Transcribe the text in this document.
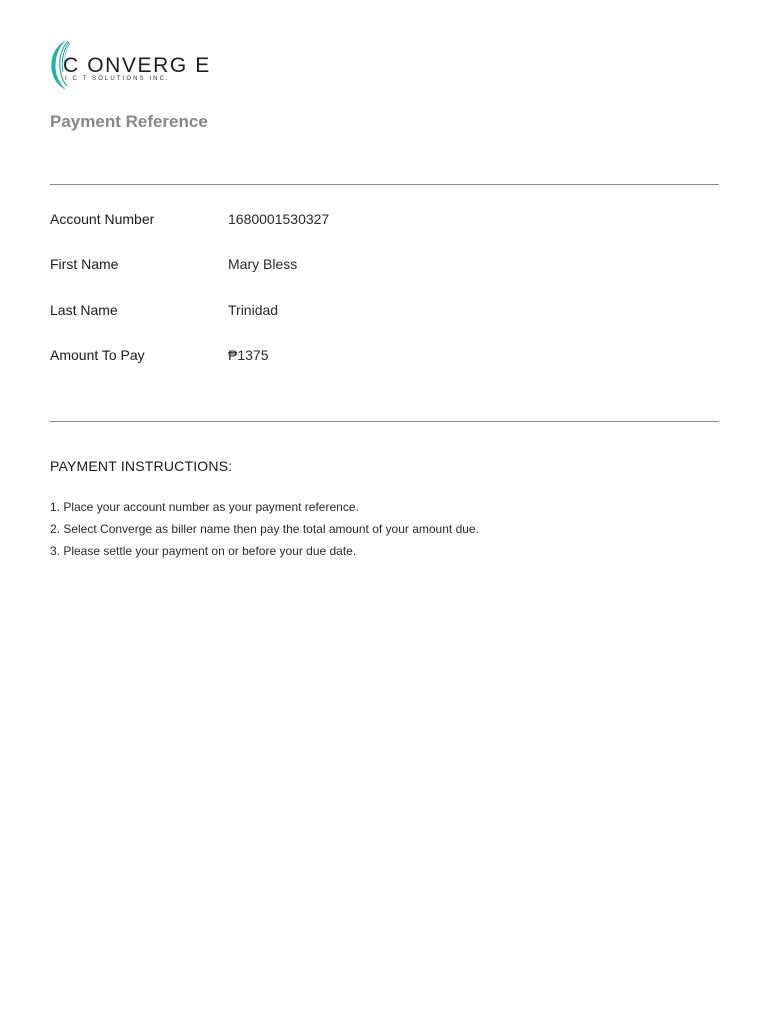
C ONVERG E
I C T SOLUTIONS INC.
Payment Reference
Account Number	1680001530327
First Name	Mary Bless
Last Name	Trinidad
Amount To Pay	₱1375
PAYMENT INSTRUCTIONS:
1. Place your account number as your payment reference.
2. Select Converge as biller name then pay the total amount of your amount due.
3. Please settle your payment on or before your due date.
